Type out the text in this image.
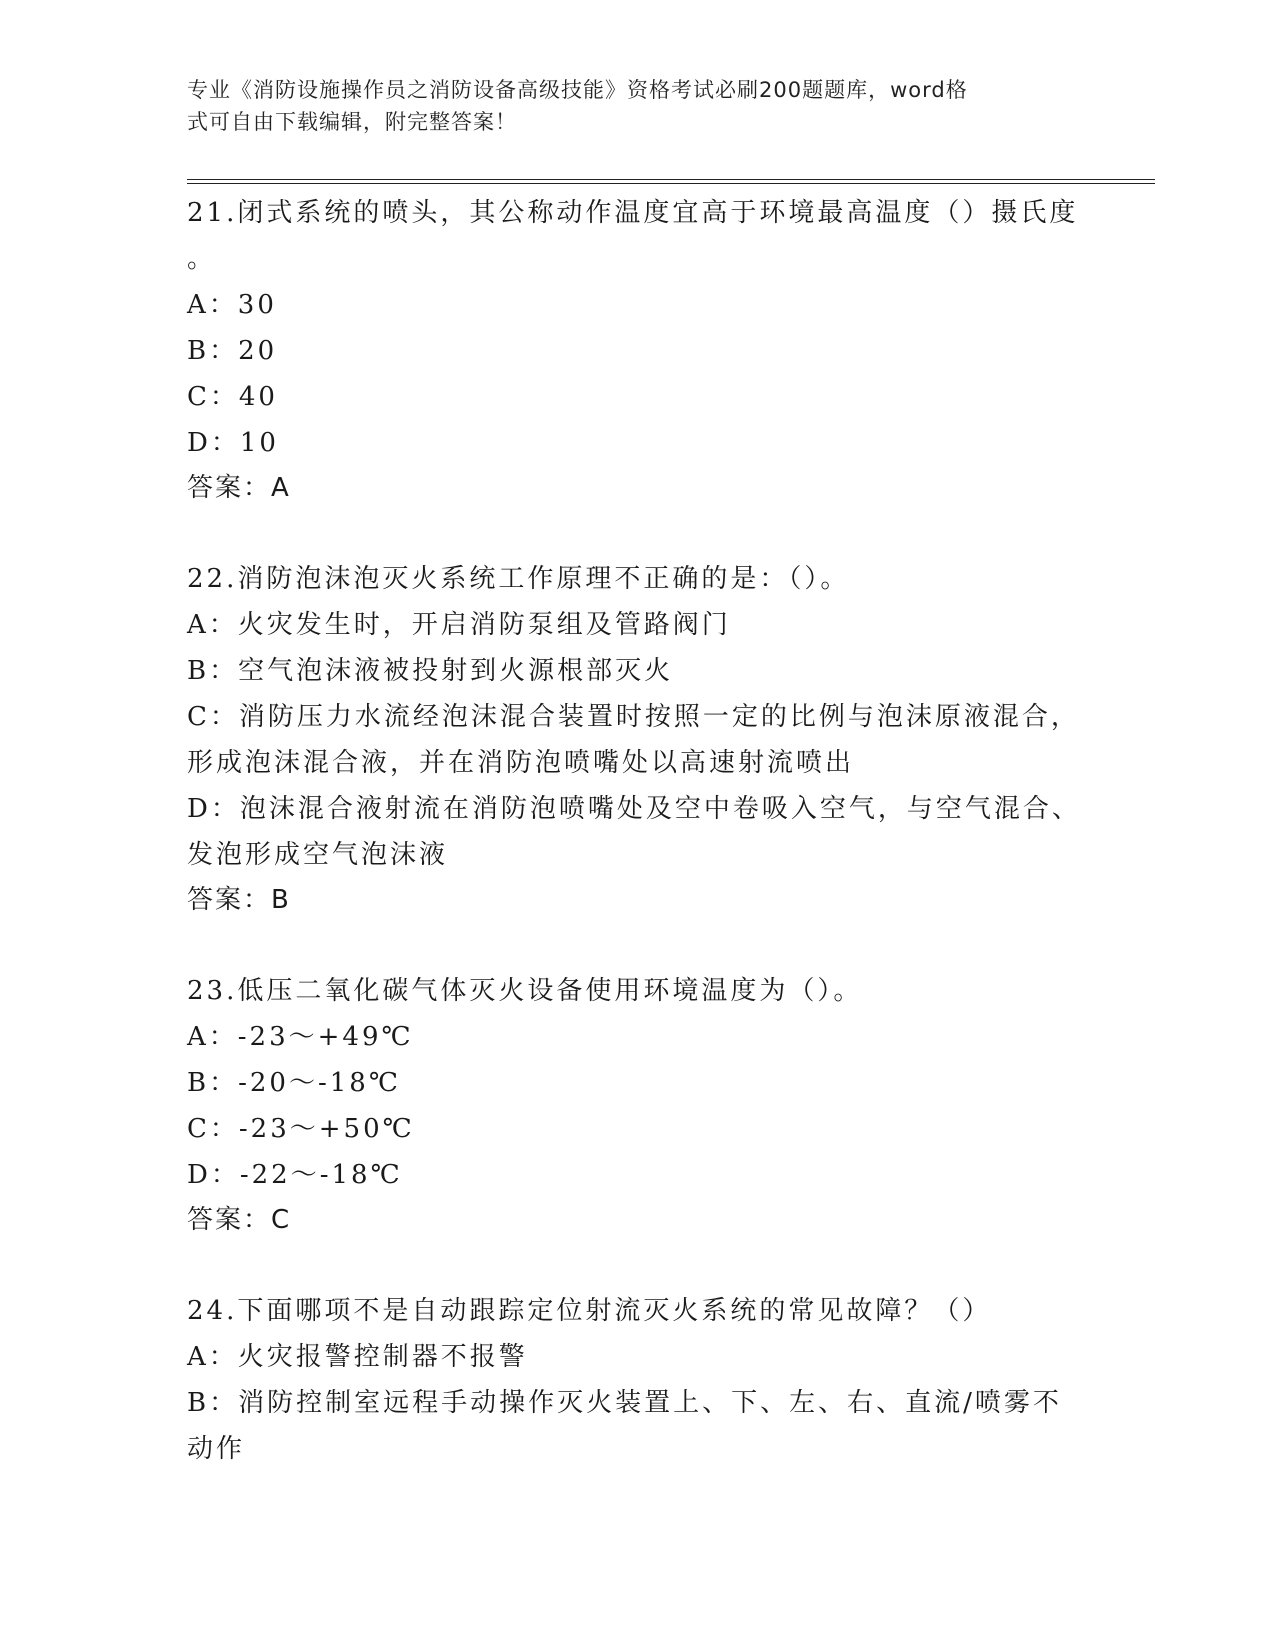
专业《消防设施操作员之消防设备高级技能》资格考试必刷200题题库，word格
式可自由下载编辑，附完整答案！
21.闭式系统的喷头，其公称动作温度宜高于环境最高温度（）摄氏度
。
A：30
B：20
C：40
D：10
答案：A
22.消防泡沫泡灭火系统工作原理不正确的是：（）。
A：火灾发生时，开启消防泵组及管路阀门
B：空气泡沫液被投射到火源根部灭火
C：消防压力水流经泡沫混合装置时按照一定的比例与泡沫原液混合，
形成泡沫混合液，并在消防泡喷嘴处以高速射流喷出
D：泡沫混合液射流在消防泡喷嘴处及空中卷吸入空气，与空气混合、
发泡形成空气泡沫液
答案：B
23.低压二氧化碳气体灭火设备使用环境温度为（）。
A：-23～+49℃
B：-20～-18℃
C：-23～+50℃
D：-22～-18℃
答案：C
24.下面哪项不是自动跟踪定位射流灭火系统的常见故障？（）
A：火灾报警控制器不报警
B：消防控制室远程手动操作灭火装置上、下、左、右、直流/喷雾不
动作
